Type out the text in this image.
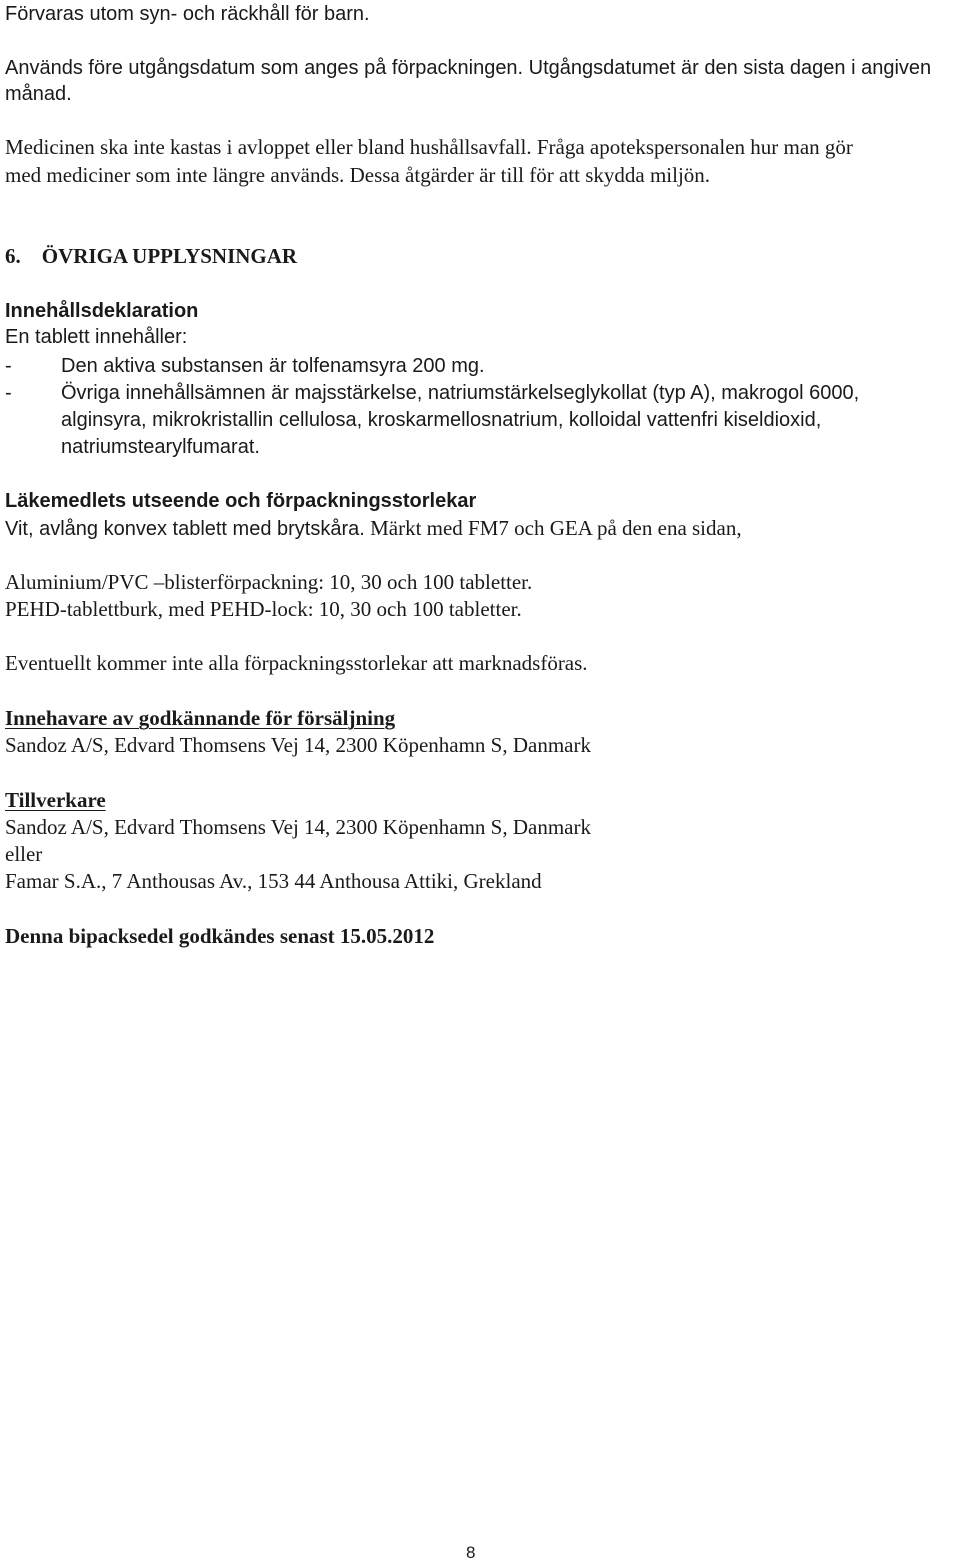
Förvaras utom syn- och räckhåll för barn.
Används före utgångsdatum som anges på förpackningen. Utgångsdatumet är den sista dagen i angiven
månad.
Medicinen ska inte kastas i avloppet eller bland hushållsavfall. Fråga apotekspersonalen hur man gör
med mediciner som inte längre används. Dessa åtgärder är till för att skydda miljön.
6.    ÖVRIGA UPPLYSNINGAR
Innehållsdeklaration
En tablett innehåller:
- Den aktiva substansen är tolfenamsyra 200 mg.
- Övriga innehållsämnen är majsstärkelse, natriumstärkelseglykollat (typ A), makrogol 6000,
alginsyra, mikrokristallin cellulosa, kroskarmellosnatrium, kolloidal vattenfri kiseldioxid,
natriumstearylfumarat.
Läkemedlets utseende och förpackningsstorlekar
Vit, avlång konvex tablett med brytskåra. Märkt med FM7 och GEA på den ena sidan,
Aluminium/PVC –blisterförpackning: 10, 30 och 100 tabletter.
PEHD-tablettburk, med PEHD-lock: 10, 30 och 100 tabletter.
Eventuellt kommer inte alla förpackningsstorlekar att marknadsföras.
Innehavare av godkännande för försäljning
Sandoz A/S, Edvard Thomsens Vej 14, 2300 Köpenhamn S, Danmark
Tillverkare
Sandoz A/S, Edvard Thomsens Vej 14, 2300 Köpenhamn S, Danmark
eller
Famar S.A., 7 Anthousas Av., 153 44 Anthousa Attiki, Grekland
Denna bipacksedel godkändes senast 15.05.2012
8
